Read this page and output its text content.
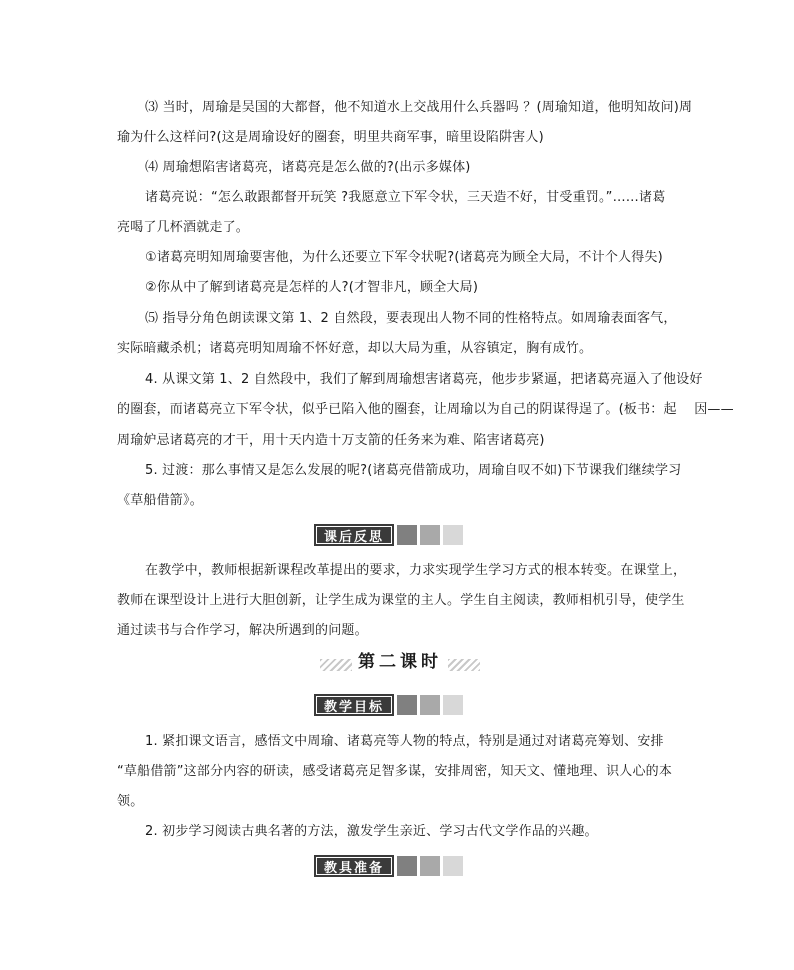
⑶ 当时，周瑜是吴国的大都督，他不知道水上交战用什么兵器吗 ？(周瑜知道，他明知故问)周
瑜为什么这样问?(这是周瑜设好的圈套，明里共商军事，暗里设陷阱害人)
⑷ 周瑜想陷害诸葛亮，诸葛亮是怎么做的?(出示多媒体)
诸葛亮说：“怎么敢跟都督开玩笑 ?我愿意立下军令状，三天造不好，甘受重罚。”……诸葛
亮喝了几杯酒就走了。
①诸葛亮明知周瑜要害他，为什么还要立下军令状呢?(诸葛亮为顾全大局，不计个人得失)
②你从中了解到诸葛亮是怎样的人?(才智非凡，顾全大局)
⑸ 指导分角色朗读课文第 1、2 自然段，要表现出人物不同的性格特点。如周瑜表面客气，
实际暗藏杀机；诸葛亮明知周瑜不怀好意，却以大局为重，从容镇定，胸有成竹。
4. 从课文第 1、2 自然段中，我们了解到周瑜想害诸葛亮，他步步紧逼，把诸葛亮逼入了他设好
的圈套，而诸葛亮立下军令状，似乎已陷入他的圈套，让周瑜以为自己的阴谋得逞了。(板书：起　 因——
周瑜妒忌诸葛亮的才干，用十天内造十万支箭的任务来为难、陷害诸葛亮)
5. 过渡：那么事情又是怎么发展的呢?(诸葛亮借箭成功，周瑜自叹不如)下节课我们继续学习
《草船借箭》。
课后反思
在教学中，教师根据新课程改革提出的要求，力求实现学生学习方式的根本转变。在课堂上，
教师在课型设计上进行大胆创新，让学生成为课堂的主人。学生自主阅读，教师相机引导，使学生
通过读书与合作学习，解决所遇到的问题。
第二课时
教学目标
1. 紧扣课文语言，感悟文中周瑜、诸葛亮等人物的特点，特别是通过对诸葛亮筹划、安排
“草船借箭”这部分内容的研读，感受诸葛亮足智多谋，安排周密，知天文、懂地理、识人心的本
领。
2. 初步学习阅读古典名著的方法，激发学生亲近、学习古代文学作品的兴趣。
教具准备
